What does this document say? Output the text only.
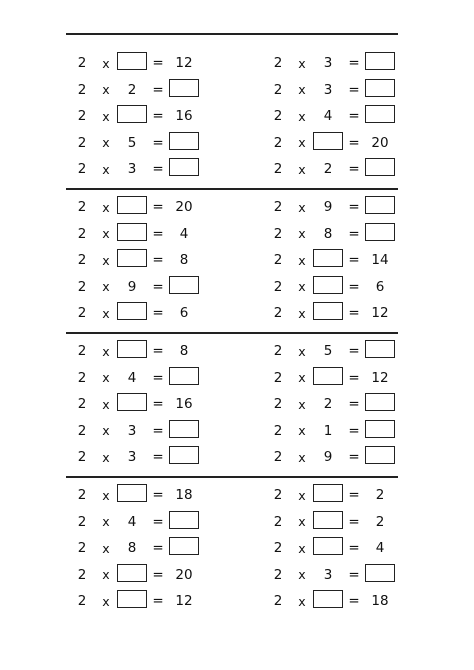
2 x	= 12
2 x	2	=
2 x	= 16
2 x	5	=
2 x	3	=
2 x	3	=
2 x	3	=
2 x	4	=
2 x	= 20
2 x	2	=
2 x	= 20
2 x	=	4
2 x	=	8
2 x	9	=
2 x	=	6
2 x	9	=
2 x	8	=
2 x	= 14
2 x	=	6
2 x	= 12
2 x	=	8
2 x	4	=
2 x	= 16
2 x	3	=
2 x	3	=
2 x	5	=
2 x	= 12
2 x	2	=
2 x	1	=
2 x	9	=
2 x	= 18
2 x	4	=
2 x	8	=
2 x	= 20
2 x	= 12
2 x	=	2
2 x	=	2
2 x	=	4
2 x	3	=
2 x	= 18
